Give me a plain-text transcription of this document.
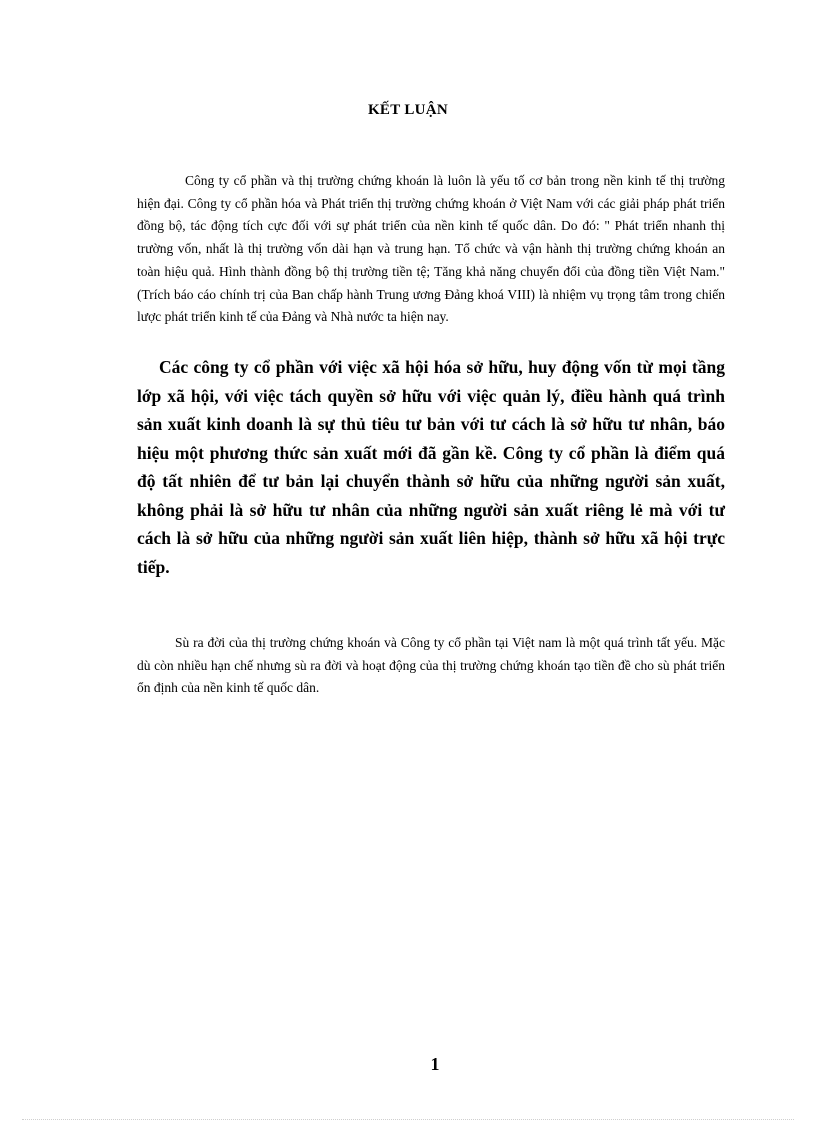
KẾT LUẬN

Công ty cổ phần và thị trường chứng khoán là luôn là yếu tố cơ bản trong nền kinh tế thị trường hiện đại. Công ty cổ phần hóa và Phát triển thị trường chứng khoán ở Việt Nam với các giải pháp phát triển đồng bộ, tác động tích cực đối với sự phát triển của nền kinh tế quốc dân. Do đó: " Phát triển nhanh thị trường vốn, nhất là thị trường vốn dài hạn và trung hạn. Tổ chức và vận hành thị trường chứng khoán an toàn hiệu quả. Hình thành đồng bộ thị trường tiền tệ; Tăng khả năng chuyển đổi của đồng tiền Việt Nam." (Trích báo cáo chính trị của Ban chấp hành Trung ương Đảng khoá VIII) là nhiệm vụ trọng tâm trong chiến lược phát triển kinh tế của Đảng và Nhà nước ta hiện nay.

Các công ty cổ phần với việc xã hội hóa sở hữu, huy động vốn từ mọi tầng lớp xã hội, với việc tách quyền sở hữu với việc quản lý, điều hành quá trình sản xuất kinh doanh là sự thủ tiêu tư bản với tư cách là sở hữu tư nhân, báo hiệu một phương thức sản xuất mới đã gần kề. Công ty cổ phần là điểm quá độ tất nhiên để tư bản lại chuyển thành sở hữu của những người sản xuất, không phải là sở hữu tư nhân của những người sản xuất riêng lẻ mà với tư cách là sở hữu của những người sản xuất liên hiệp, thành sở hữu xã hội trực tiếp.

Sù ra đời của thị trường chứng khoán và Công ty cổ phần tại Việt nam là một quá trình tất yếu. Mặc dù còn nhiều hạn chế nhưng sù ra đời và hoạt động của thị trường chứng khoán tạo tiền đề cho sù phát triển ổn định của nền kinh tế quốc dân.

1
